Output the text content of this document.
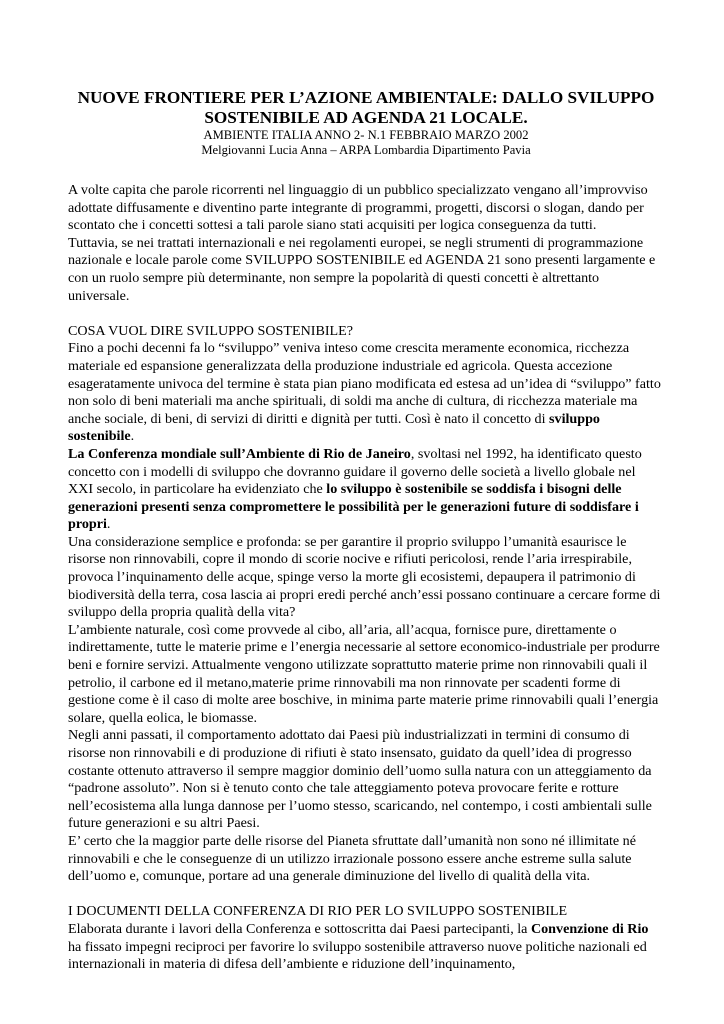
NUOVE FRONTIERE PER L’AZIONE AMBIENTALE: DALLO SVILUPPO

SOSTENIBILE AD AGENDA 21 LOCALE.

AMBIENTE ITALIA ANNO 2- N.1 FEBBRAIO MARZO 2002

Melgiovanni Lucia Anna – ARPA Lombardia Dipartimento Pavia

A volte capita che parole ricorrenti nel linguaggio di un pubblico specializzato vengano all’improvviso adottate diffusamente e diventino parte integrante di programmi, progetti, discorsi o slogan, dando per scontato che i concetti sottesi a tali parole siano stati acquisiti per logica conseguenza da tutti.

Tuttavia, se nei trattati internazionali e nei regolamenti europei, se negli strumenti di programmazione nazionale e locale parole come SVILUPPO SOSTENIBILE ed AGENDA 21 sono presenti largamente e con un ruolo sempre più determinante, non sempre la popolarità di questi concetti è altrettanto universale.

COSA VUOL DIRE SVILUPPO SOSTENIBILE?

Fino a pochi decenni fa lo “sviluppo” veniva inteso come crescita meramente economica, ricchezza materiale ed espansione generalizzata della produzione industriale ed agricola. Questa accezione esageratamente univoca del termine è stata pian piano modificata ed estesa ad un’idea di “sviluppo” fatto non solo di beni materiali ma anche spirituali, di soldi ma anche di cultura, di ricchezza materiale ma anche sociale, di beni, di servizi di diritti e dignità per tutti. Così è nato il concetto di sviluppo sostenibile.

La Conferenza mondiale sull’Ambiente di Rio de Janeiro, svoltasi nel 1992, ha identificato questo concetto con i modelli di sviluppo che dovranno guidare il governo delle società a livello globale nel XXI secolo, in particolare ha evidenziato che lo sviluppo è sostenibile se soddisfa i bisogni delle generazioni presenti senza compromettere le possibilità per le generazioni future di soddisfare i propri.

Una considerazione semplice e profonda: se per garantire il proprio sviluppo l’umanità esaurisce le risorse non rinnovabili, copre il mondo di scorie nocive e rifiuti pericolosi, rende l’aria irrespirabile, provoca l’inquinamento delle acque, spinge verso la morte gli ecosistemi, depaupera il patrimonio di biodiversità della terra, cosa lascia ai propri eredi perché anch’essi possano continuare a cercare forme di sviluppo della propria qualità della vita?

L’ambiente naturale, così come provvede al cibo, all’aria, all’acqua, fornisce pure, direttamente o indirettamente, tutte le materie prime e l’energia necessarie al settore economico-industriale per produrre beni e fornire servizi. Attualmente vengono utilizzate soprattutto materie prime non rinnovabili quali il petrolio, il carbone ed il metano,materie prime rinnovabili ma non rinnovate per scadenti forme di gestione come è il caso di molte aree boschive, in minima parte materie prime rinnovabili quali l’energia solare, quella eolica, le biomasse.

Negli anni passati, il comportamento adottato dai Paesi più industrializzati in termini di consumo di risorse non rinnovabili e di produzione di rifiuti è stato insensato, guidato da quell’idea di progresso costante ottenuto attraverso il sempre maggior dominio dell’uomo sulla natura con un atteggiamento da “padrone assoluto”. Non si è tenuto conto che tale atteggiamento poteva provocare ferite e rotture nell’ecosistema alla lunga dannose per l’uomo stesso, scaricando, nel contempo, i costi ambientali sulle future generazioni e su altri Paesi.

E’ certo che la maggior parte delle risorse del Pianeta sfruttate dall’umanità non sono né illimitate né rinnovabili e che le conseguenze di un utilizzo irrazionale possono essere anche estreme sulla salute dell’uomo e, comunque, portare ad una generale diminuzione del livello di qualità della vita.

I DOCUMENTI DELLA CONFERENZA DI RIO PER LO SVILUPPO SOSTENIBILE

Elaborata durante i lavori della Conferenza e sottoscritta dai Paesi partecipanti, la Convenzione di Rio ha fissato impegni reciproci per favorire lo sviluppo sostenibile attraverso nuove politiche nazionali ed internazionali in materia di difesa dell’ambiente e riduzione dell’inquinamento,
